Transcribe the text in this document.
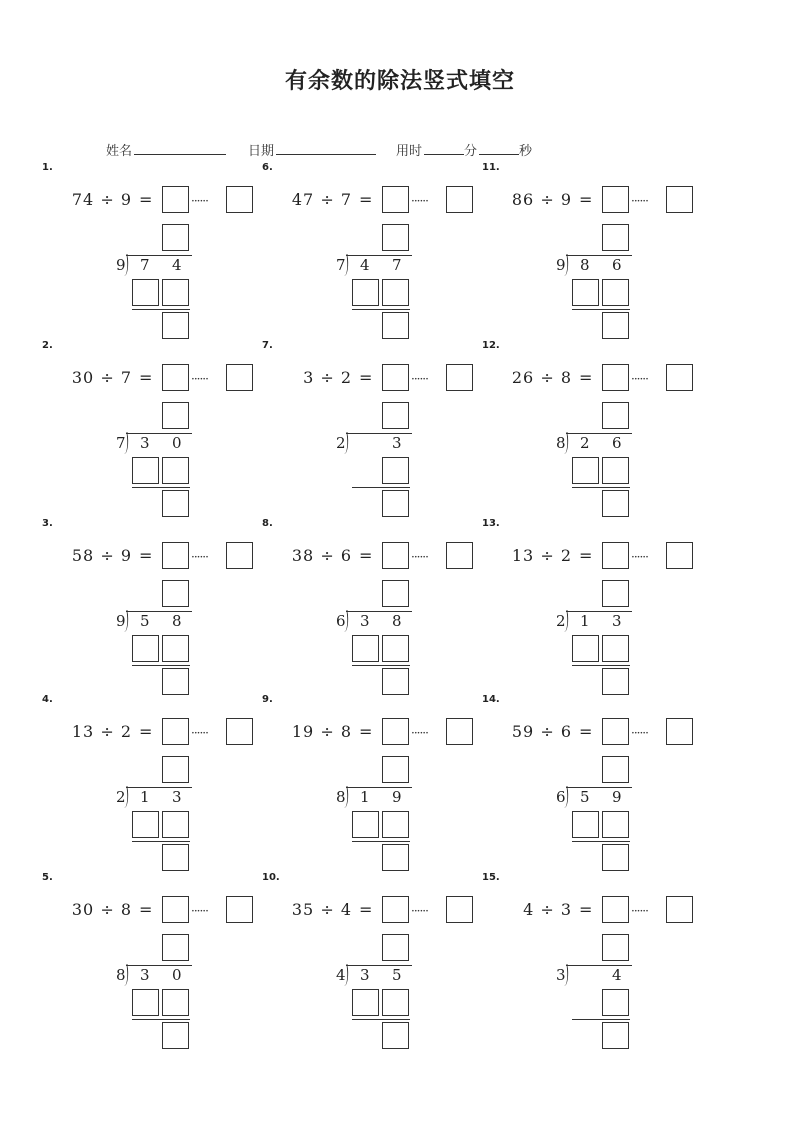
有余数的除法竖式填空
姓名	日期	用时	分	秒
1.
74 ÷ 9 =	······
9 7 4
2.
30 ÷ 7 =	······
7 3 0
3.
58 ÷ 9 =	······
9 5 8
4.
13 ÷ 2 =	······
2 1 3
5.
30 ÷ 8 =	······
8 3 0
6.
47 ÷ 7 =	······
7 4 7
7.
3 ÷ 2 =	······
2	3
8.
38 ÷ 6 =	······
6 3 8
9.
19 ÷ 8 =	······
8 1 9
10.
35 ÷ 4 =	······
4 3 5
11.
86 ÷ 9 =	······
9 8 6
12.
26 ÷ 8 =	······
8 2 6
13.
13 ÷ 2 =	······
2 1 3
14.
59 ÷ 6 =	······
6 5 9
15.
4 ÷ 3 =	······
3	4
